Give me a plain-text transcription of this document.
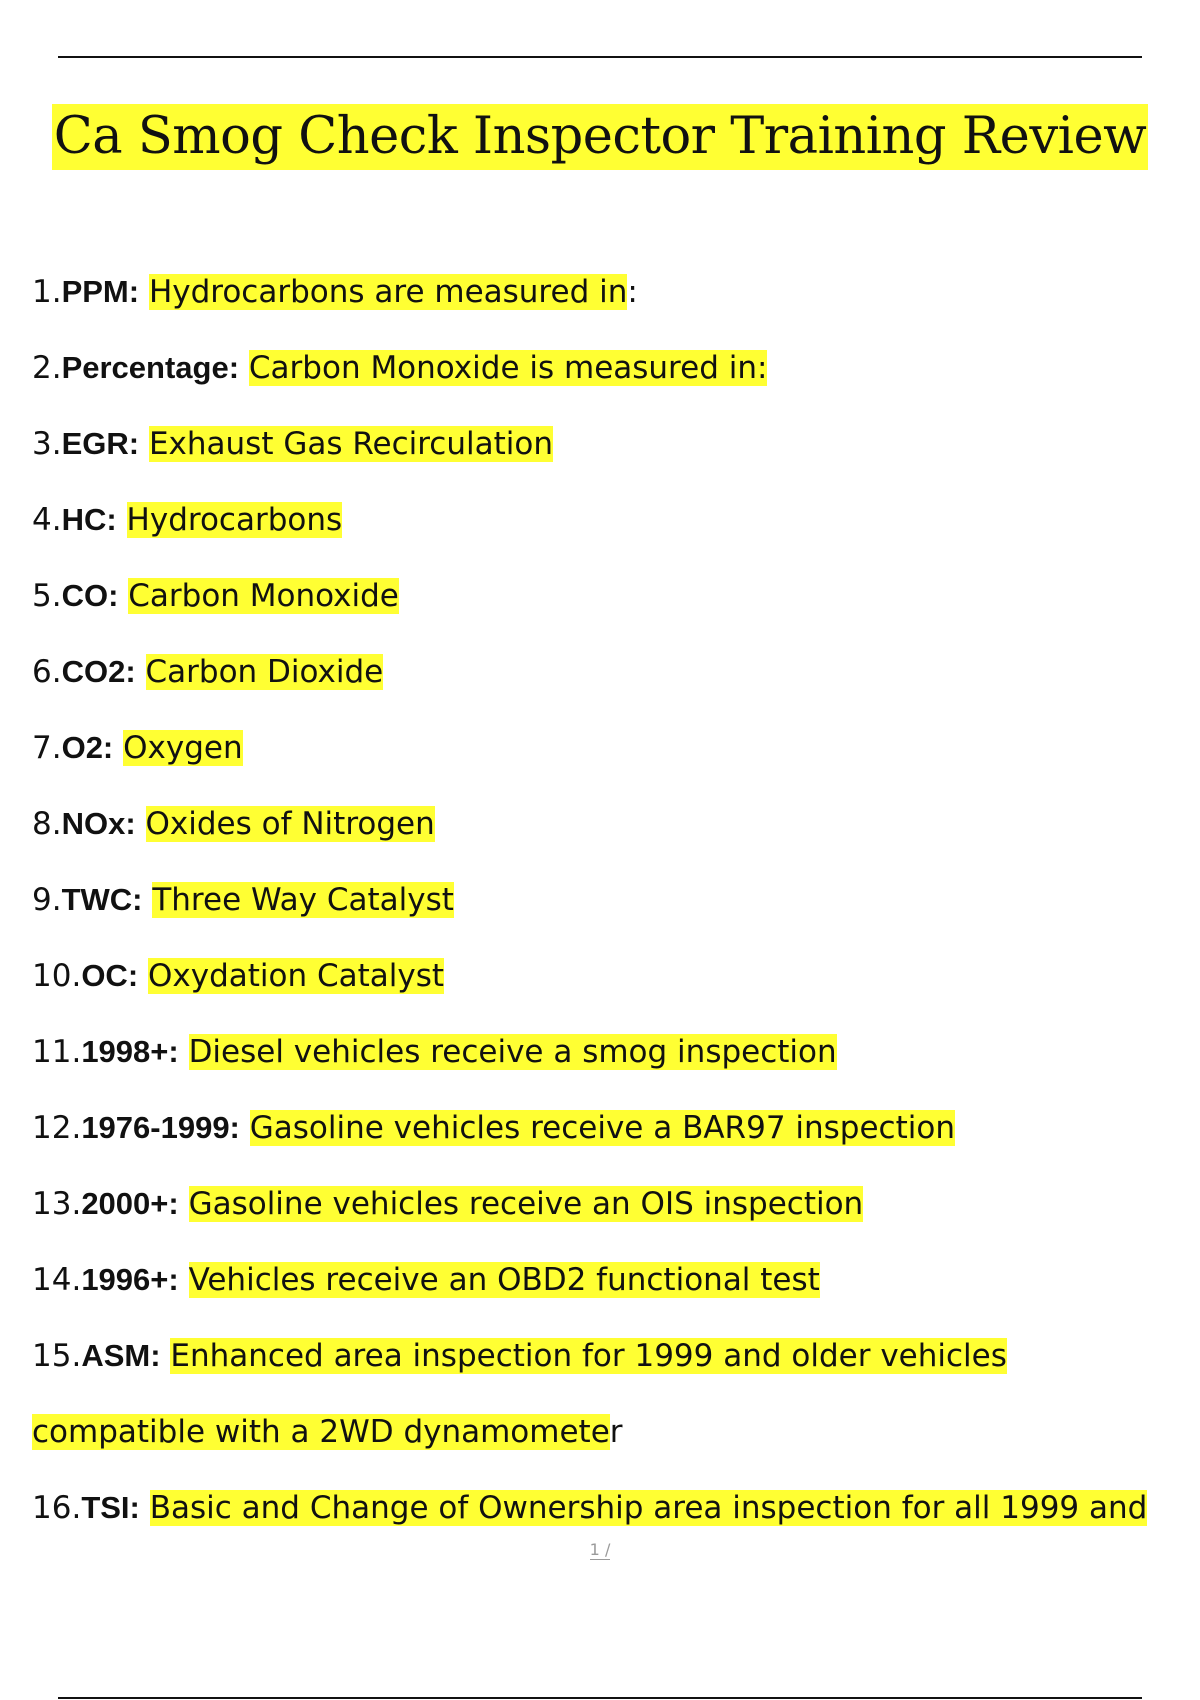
Ca Smog Check Inspector Training Review
1.PPM: Hydrocarbons are measured in:
2.Percentage: Carbon Monoxide is measured in:
3.EGR: Exhaust Gas Recirculation
4.HC: Hydrocarbons
5.CO: Carbon Monoxide
6.CO2: Carbon Dioxide
7.O2: Oxygen
8.NOx: Oxides of Nitrogen
9.TWC: Three Way Catalyst
10.OC: Oxydation Catalyst
11.1998+: Diesel vehicles receive a smog inspection
12.1976-1999: Gasoline vehicles receive a BAR97 inspection
13.2000+: Gasoline vehicles receive an OIS inspection
14.1996+: Vehicles receive an OBD2 functional test
15.ASM: Enhanced area inspection for 1999 and older vehicles
compatible with a 2WD dynamometer
16.TSI: Basic and Change of Ownership area inspection for all 1999 and
1 /
